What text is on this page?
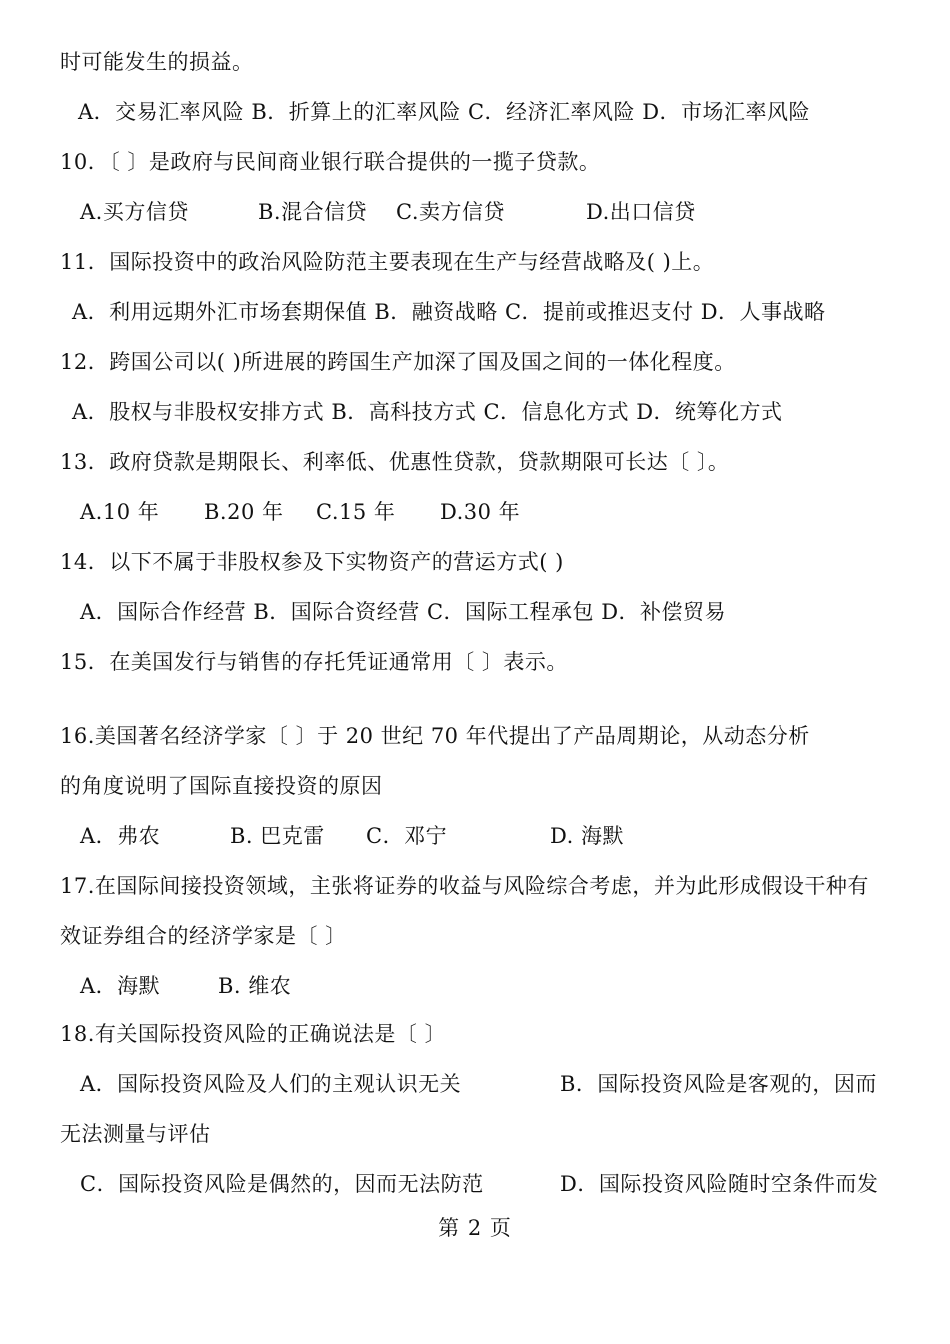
时可能发生的损益。
A．交易汇率风险 B．折算上的汇率风险 C．经济汇率风险 D．市场汇率风险
10．〔 〕是政府与民间商业银行联合提供的一揽子贷款。
A.买方信贷	B.混合信贷 C.卖方信贷	D.出口信贷
11．国际投资中的政治风险防范主要表现在生产与经营战略及( )上。
A．利用远期外汇市场套期保值 B．融资战略 C．提前或推迟支付 D．人事战略
12．跨国公司以( )所进展的跨国生产加深了国及国之间的一体化程度。
A．股权与非股权安排方式 B．高科技方式 C．信息化方式 D．统筹化方式
13．政府贷款是期限长、利率低、优惠性贷款，贷款期限可长达〔 〕。
A.10 年 B.20 年 C.15 年 D.30 年
14．以下不属于非股权参及下实物资产的营运方式( )
A．国际合作经营 B．国际合资经营 C．国际工程承包 D．补偿贸易
15．在美国发行与销售的存托凭证通常用〔 〕表示。
16.美国著名经济学家〔 〕于 20 世纪 70 年代提出了产品周期论，从动态分析
的角度说明了国际直接投资的原因
A．弗农	B. 巴克雷 C．邓宁	D. 海默
17.在国际间接投资领域，主张将证券的收益与风险综合考虑，并为此形成假设干种有
效证券组合的经济学家是〔 〕
A．海默	B. 维农
18.有关国际投资风险的正确说法是〔 〕
A．国际投资风险及人们的主观认识无关	B．国际投资风险是客观的，因而
无法测量与评估
C．国际投资风险是偶然的，因而无法防范	D．国际投资风险随时空条件而发
第 2 页
